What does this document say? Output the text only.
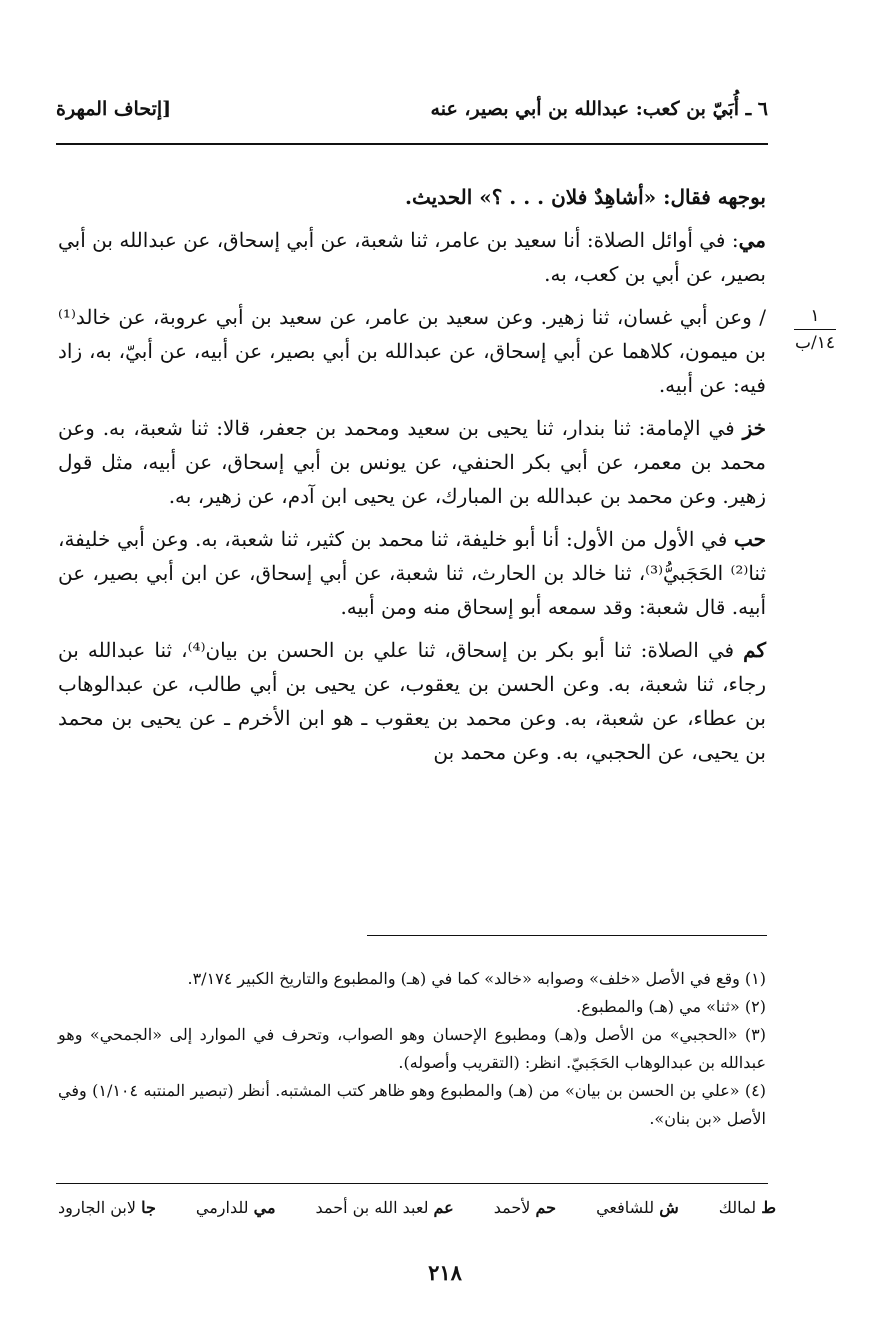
٦ ـ أُبَيّ بن كعب: عبدالله بن أبي بصير، عنه
[إتحاف المهرة
١
١٤/ب

بوجهه فقال: «أشاهِدٌ فلان . . . ؟» الحديث.

مي: في أوائل الصلاة: أنا سعيد بن عامر، ثنا شعبة، عن أبي إسحاق، عن عبدالله بن أبي بصير، عن أبي بن كعب، به.

/ وعن أبي غسان، ثنا زهير. وعن سعيد بن عامر، عن سعيد بن أبي عروبة، عن خالد⁽¹⁾ بن ميمون، كلاهما عن أبي إسحاق، عن عبدالله بن أبي بصير، عن أبيه، عن أبيّ، به، زاد فيه: عن أبيه.

خز في الإمامة: ثنا بندار، ثنا يحيى بن سعيد ومحمد بن جعفر، قالا: ثنا شعبة، به. وعن محمد بن معمر، عن أبي بكر الحنفي، عن يونس بن أبي إسحاق، عن أبيه، مثل قول زهير. وعن محمد بن عبدالله بن المبارك، عن يحيى ابن آدم، عن زهير، به.

حب في الأول من الأول: أنا أبو خليفة، ثنا محمد بن كثير، ثنا شعبة، به. وعن أبي خليفة، ثنا⁽²⁾ الحَجَبيُّ⁽³⁾، ثنا خالد بن الحارث، ثنا شعبة، عن أبي إسحاق، عن ابن أبي بصير، عن أبيه. قال شعبة: وقد سمعه أبو إسحاق منه ومن أبيه.

كم في الصلاة: ثنا أبو بكر بن إسحاق، ثنا علي بن الحسن بن بيان⁽⁴⁾، ثنا عبدالله بن رجاء، ثنا شعبة، به. وعن الحسن بن يعقوب، عن يحيى بن أبي طالب، عن عبدالوهاب بن عطاء، عن شعبة، به. وعن محمد بن يعقوب ـ هو ابن الأخرم ـ عن يحيى بن محمد بن يحيى، عن الحجبي، به. وعن محمد بن

(١) وقع في الأصل «خلف» وصوابه «خالد» كما في (هـ) والمطبوع والتاريخ الكبير ٣/١٧٤.

(٢) «ثنا» مي (هـ) والمطبوع.

(٣) «الحجبي» من الأصل و(هـ) ومطبوع الإحسان وهو الصواب، وتحرف في الموارد إلى «الجمحي» وهو عبدالله بن عبدالوهاب الحَجَبيّ. انظر: (التقريب وأصوله).

(٤) «علي بن الحسن بن بيان» من (هـ) والمطبوع وهو ظاهر كتب المشتبه. أنظر (تبصير المنتبه ١/١٠٤) وفي الأصل «بن بنان».

ط لمالك
ش للشافعي
حم لأحمد
عم لعبد الله بن أحمد
مي للدارمي
جا لابن الجارود
٢١٨
